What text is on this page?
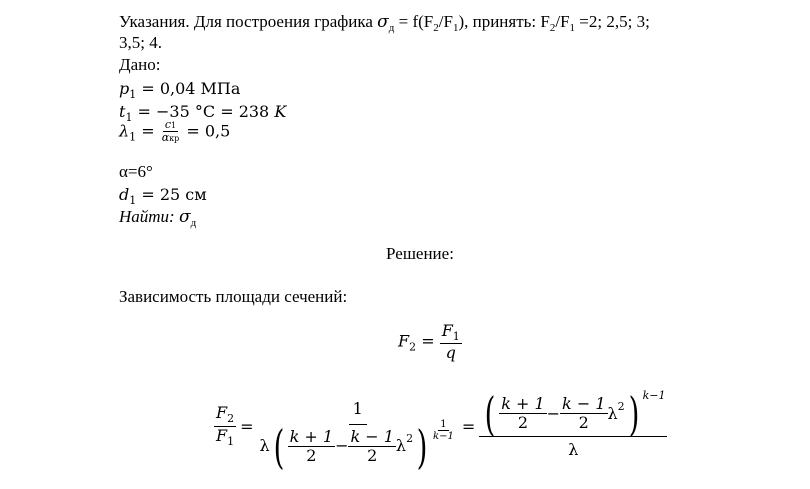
Указания. Для построения графика $\sigma_д = f(F_2/F_1)$, принять: $F_2/F_1 =2$; 2,5; 3;
3,5; 4.
Дано:
$p_1 = 0,04$ МПа
$t_1 = -35$ °C = 238 K
$\lambda_1 = \frac{c1}{\text{αкр}} = 0,5$
α=6°
$d_1 = 25$ см
Найти: $\sigma_д$
Решение:
Зависимость площади сечений:
$F_2 = \frac{F_1}{q}$
$\frac{F_2}{F_1} = \frac{1}{\lambda ( \frac{k + 1}{2} - \frac{k - 1}{2} \lambda 2 ) \frac{1}{k-1}} = \frac{( \frac{k + 1}{2} - \frac{k - 1}{2} \lambda 2 ) k-1}{\lambda}$
